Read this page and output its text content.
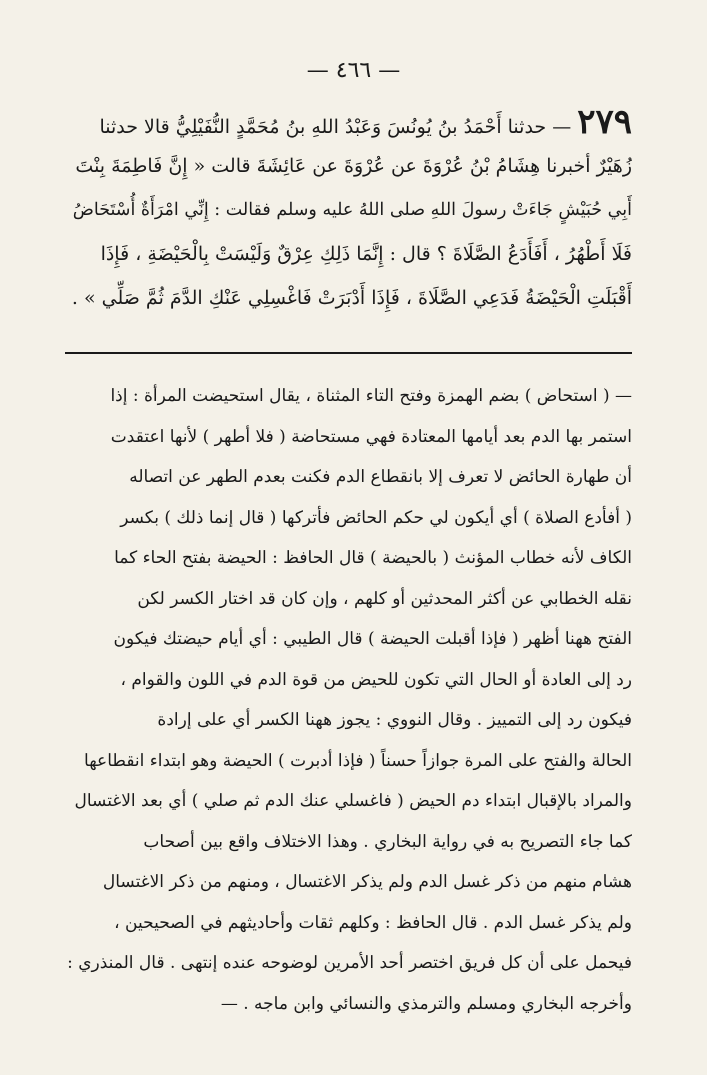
— ٤٦٦ —
٢٧٩— حدثنا أَحْمَدُ بنُ يُونُسَ وَعَبْدُ اللهِ بنُ مُحَمَّدٍ النُّفَيْلِيُّ قالا حدثنا
زُهَيْرٌ أخبرنا هِشَامُ بْنُ عُرْوَةَ عن عُرْوَةَ عن عَائِشَةَ قالت « إِنَّ فَاطِمَةَ بِنْتَ
أَبِي حُبَيْشٍ جَاءَتْ رسولَ اللهِ صلى اللهُ عليه وسلم فقالت : إِنِّي امْرَأَةٌ أُسْتَحَاضُ
فَلَا أَطْهُرُ ، أَفَأَدَعُ الصَّلَاةَ ؟ قال : إِنَّمَا ذَلِكِ عِرْقٌ وَلَيْسَتْ بِالْحَيْضَةِ ، فَإِذَا
أَقْبَلَتِ الْحَيْضَةُ فَدَعِي الصَّلَاةَ ، فَإِذَا أَدْبَرَتْ فَاغْسِلِي عَنْكِ الدَّمَ ثُمَّ صَلِّي » .
— ( استحاض ) بضم الهمزة وفتح التاء المثناة ، يقال استحيضت المرأة : إذا
استمر بها الدم بعد أيامها المعتادة فهي مستحاضة ( فلا أطهر ) لأنها اعتقدت
أن طهارة الحائض لا تعرف إلا بانقطاع الدم فكنت بعدم الطهر عن اتصاله
( أفأدع الصلاة ) أي أيكون لي حكم الحائض فأتركها ( قال إنما ذلك ) بكسر
الكاف لأنه خطاب المؤنث ( بالحيضة ) قال الحافظ : الحيضة بفتح الحاء كما
نقله الخطابي عن أكثر المحدثين أو كلهم ، وإن كان قد اختار الكسر لكن
الفتح ههنا أظهر ( فإذا أقبلت الحيضة ) قال الطيبي : أي أيام حيضتك فيكون
رد إلى العادة أو الحال التي تكون للحيض من قوة الدم في اللون والقوام ،
فيكون رد إلى التمييز . وقال النووي : يجوز ههنا الكسر أي على إرادة
الحالة والفتح على المرة جوازاً حسناً ( فإذا أدبرت ) الحيضة وهو ابتداء انقطاعها
والمراد بالإقبال ابتداء دم الحيض ( فاغسلي عنك الدم ثم صلي ) أي بعد الاغتسال
كما جاء التصريح به في رواية البخاري . وهذا الاختلاف واقع بين أصحاب
هشام منهم من ذكر غسل الدم ولم يذكر الاغتسال ، ومنهم من ذكر الاغتسال
ولم يذكر غسل الدم . قال الحافظ : وكلهم ثقات وأحاديثهم في الصحيحين ،
فيحمل على أن كل فريق اختصر أحد الأمرين لوضوحه عنده إنتهى . قال المنذري :
وأخرجه البخاري ومسلم والترمذي والنسائي وابن ماجه . —
